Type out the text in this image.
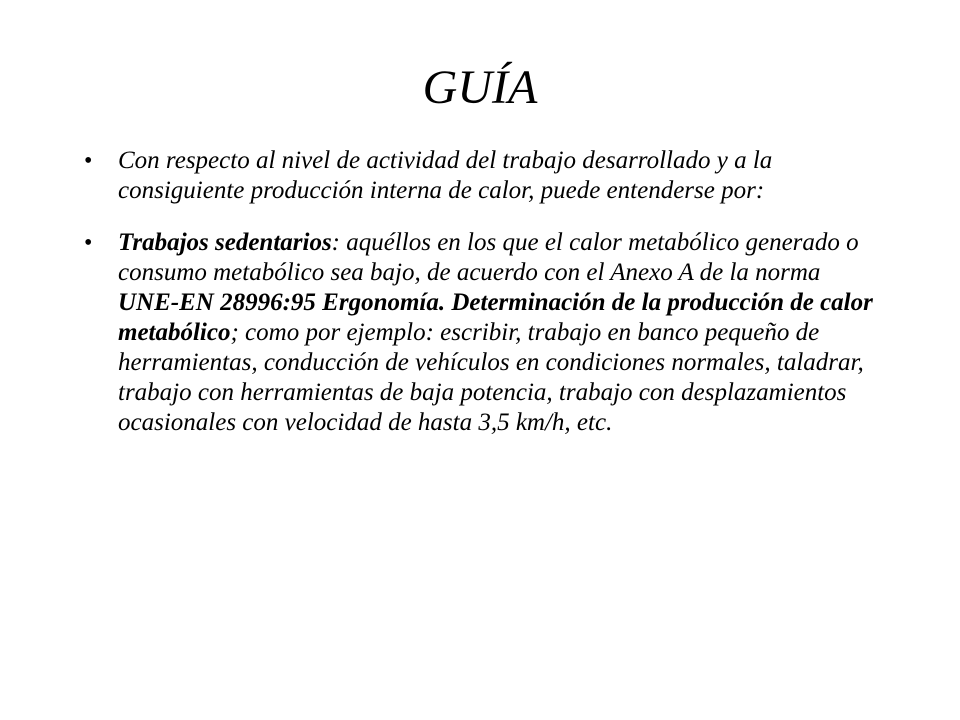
GUÍA
• Con respecto al nivel de actividad del trabajo desarrollado y a la consiguiente producción interna de calor, puede entenderse por:
• Trabajos sedentarios: aquéllos en los que el calor metabólico generado o consumo metabólico sea bajo, de acuerdo con el Anexo A de la norma UNE-EN 28996:95 Ergonomía. Determinación de la producción de calor metabólico; como por ejemplo: escribir, trabajo en banco pequeño de herramientas, conducción de vehículos en condiciones normales, taladrar, trabajo con herramientas de baja potencia, trabajo con desplazamientos ocasionales con velocidad de hasta 3,5 km/h, etc.
